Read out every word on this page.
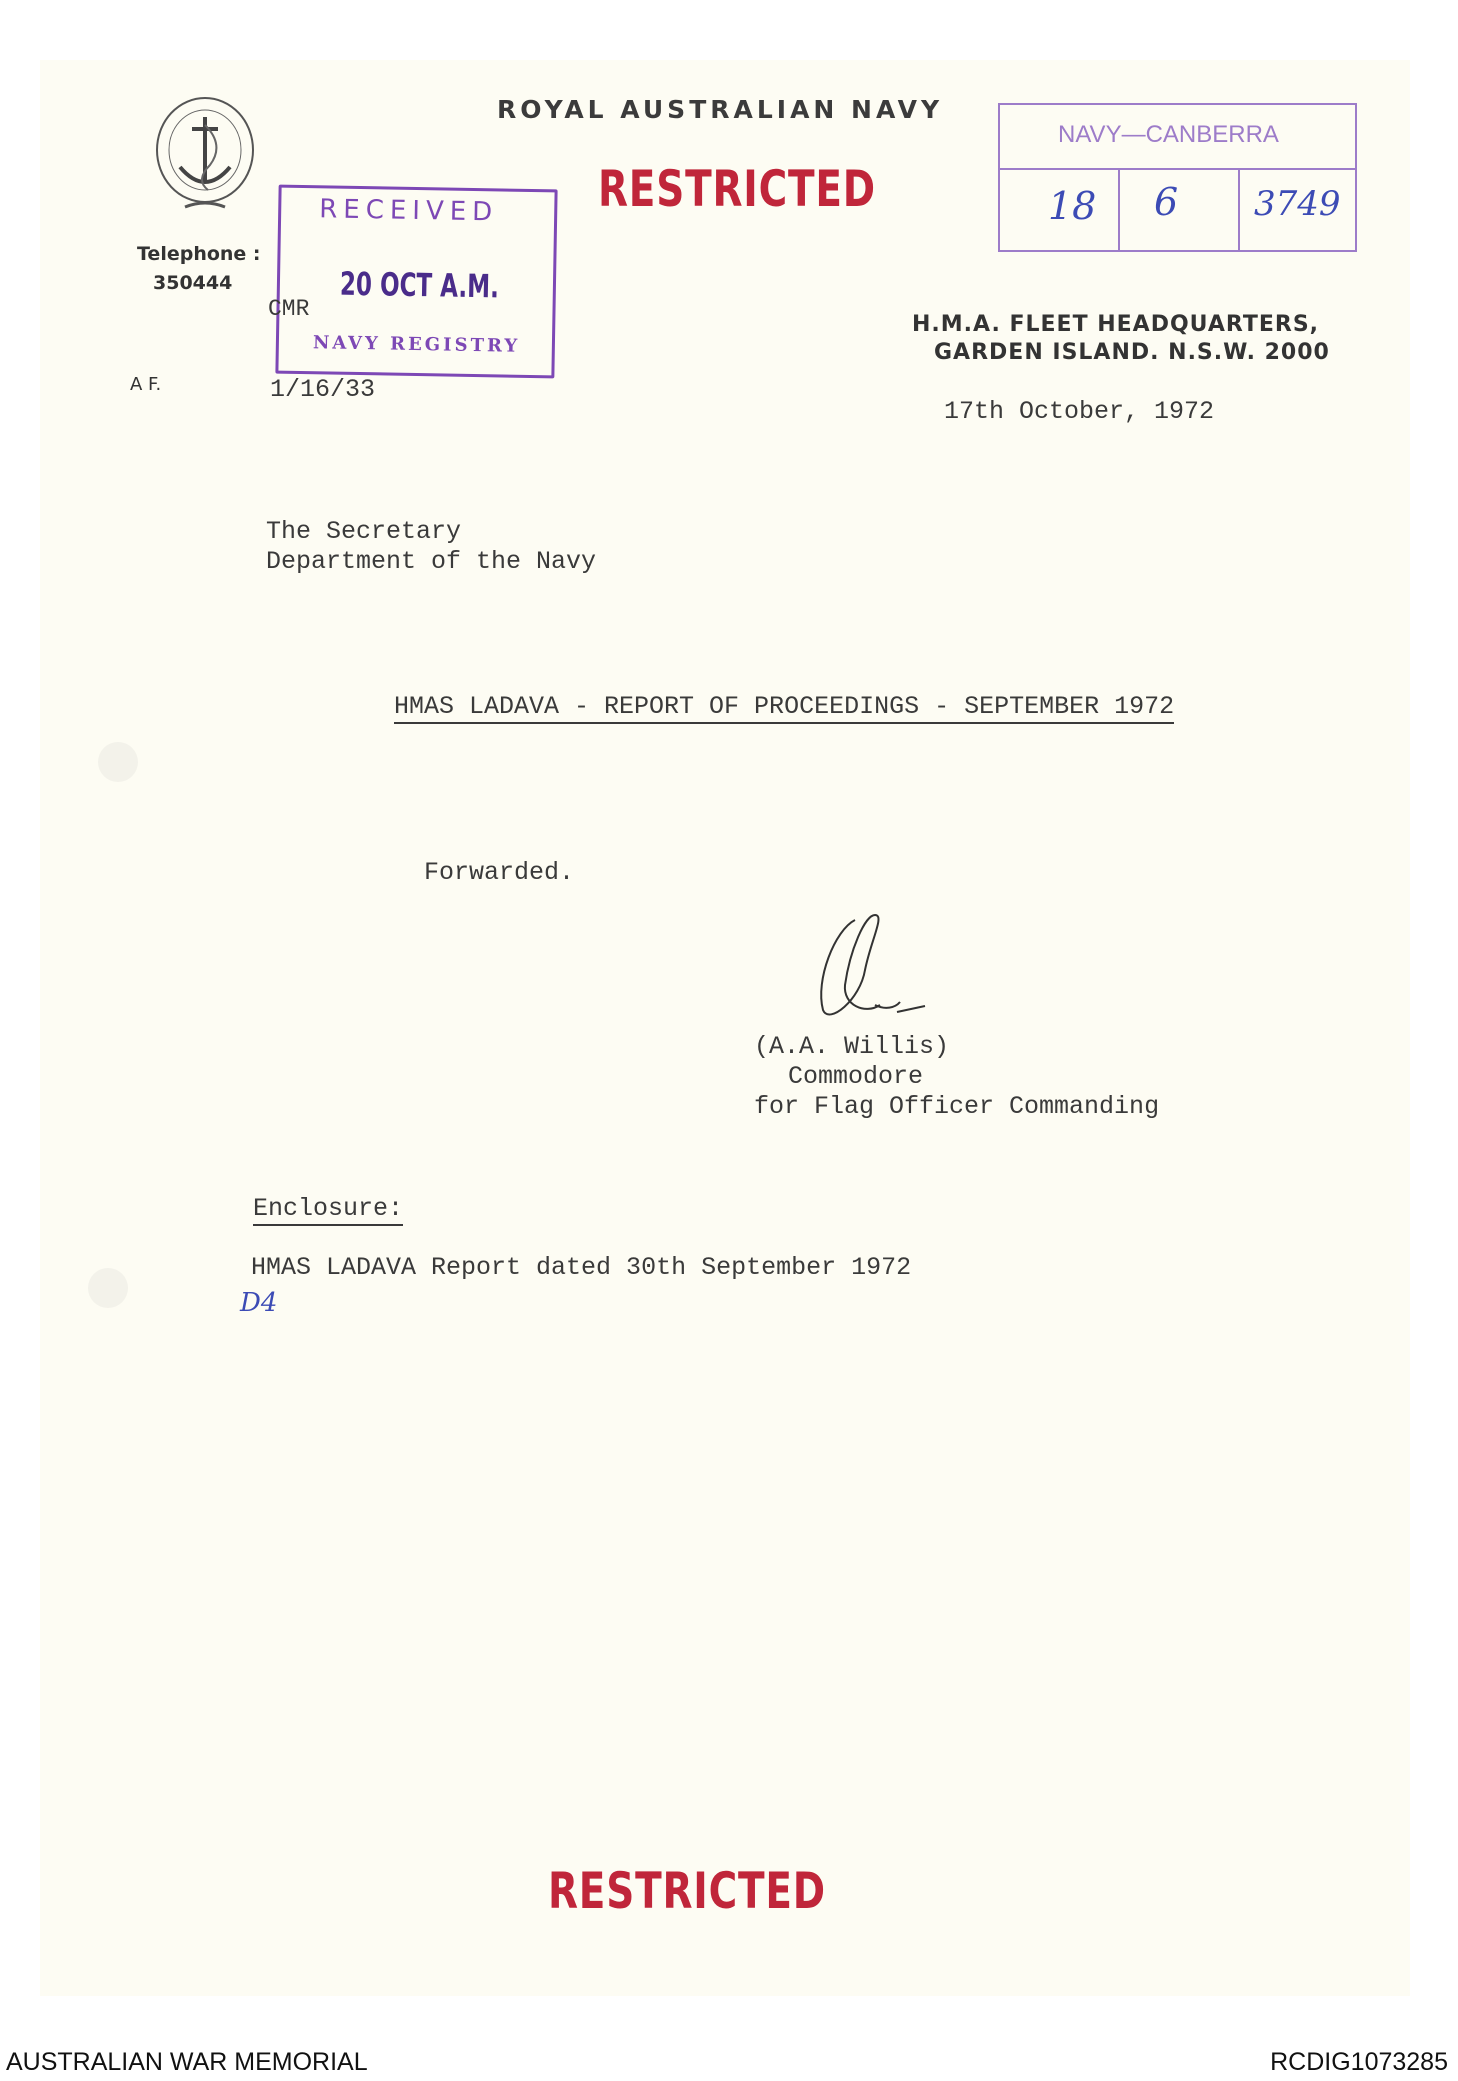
Telephone :
350444
ROYAL AUSTRALIAN NAVY
RECEIVED
20 OCT A.M.
NAVY REGISTRY
RESTRICTED
NAVY—CANBERRA
18 6 3749
CMR
H.M.A. FLEET HEADQUARTERS,
GARDEN ISLAND. N.S.W. 2000
A F.	1/16/33
17th October, 1972
The Secretary
Department of the Navy
HMAS LADAVA - REPORT OF PROCEEDINGS - SEPTEMBER 1972
Forwarded.
(A.A. Willis)
Commodore
for Flag Officer Commanding
Enclosure:
HMAS LADAVA Report dated 30th September 1972
D4
RESTRICTED
AUSTRALIAN WAR MEMORIAL	RCDIG1073285
